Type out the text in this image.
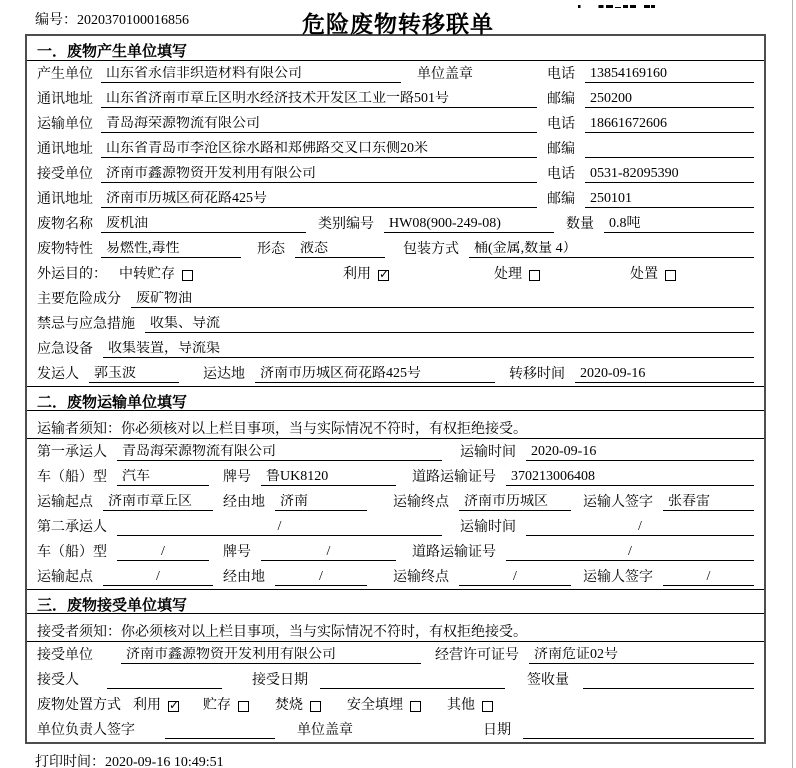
编号：2020370100016856	危险废物转移联单
一．废物产生单位填写
产生单位 山东省永信非织造材料有限公司	单位盖章	电话	13854169160
通讯地址 山东省济南市章丘区明水经济技术开发区工业一路501号	邮编	250200
运输单位 青岛海荣源物流有限公司	电话	18661672606
通讯地址 山东省青岛市李沧区徐水路和郑佛路交叉口东侧20米	邮编
接受单位 济南市鑫源物资开发利用有限公司	电话	0531-82095390
通讯地址 济南市历城区荷花路425号	邮编	250101
废物名称 废机油	类别编号	HW08(900-249-08)	数量	0.8吨
废物特性 易燃性,毒性	形态	液态	包装方式	桶(金属,数量 4）
外运目的： 中转贮存	利用 ✓	处理	处置
主要危险成分	废矿物油
禁忌与应急措施	收集、导流
应急设备	收集装置，导流渠
发运人	郭玉波	运达地	济南市历城区荷花路425号	转移时间	2020-09-16
二．废物运输单位填写
运输者须知：你必须核对以上栏目事项，当与实际情况不符时，有权拒绝接受。
第一承运人	青岛海荣源物流有限公司	运输时间	2020-09-16
车（船）型	汽车	牌号	鲁UK8120	道路运输证号	370213006408
运输起点	济南市章丘区	经由地	济南	运输终点	济南市历城区	运输人签字	张春雷
第二承运人	/	运输时间	/
车（船）型	/	牌号	/	道路运输证号	/
运输起点	/	经由地	/	运输终点	/	运输人签字	/
三．废物接受单位填写
接受者须知：你必须核对以上栏目事项，当与实际情况不符时，有权拒绝接受。
接受单位	济南市鑫源物资开发利用有限公司	经营许可证号	济南危证02号
接受人	接受日期	签收量
废物处置方式 利用 ✓	贮存	焚烧	安全填埋	其他
单位负责人签字	单位盖章	日期
打印时间：2020-09-16 10:49:51
